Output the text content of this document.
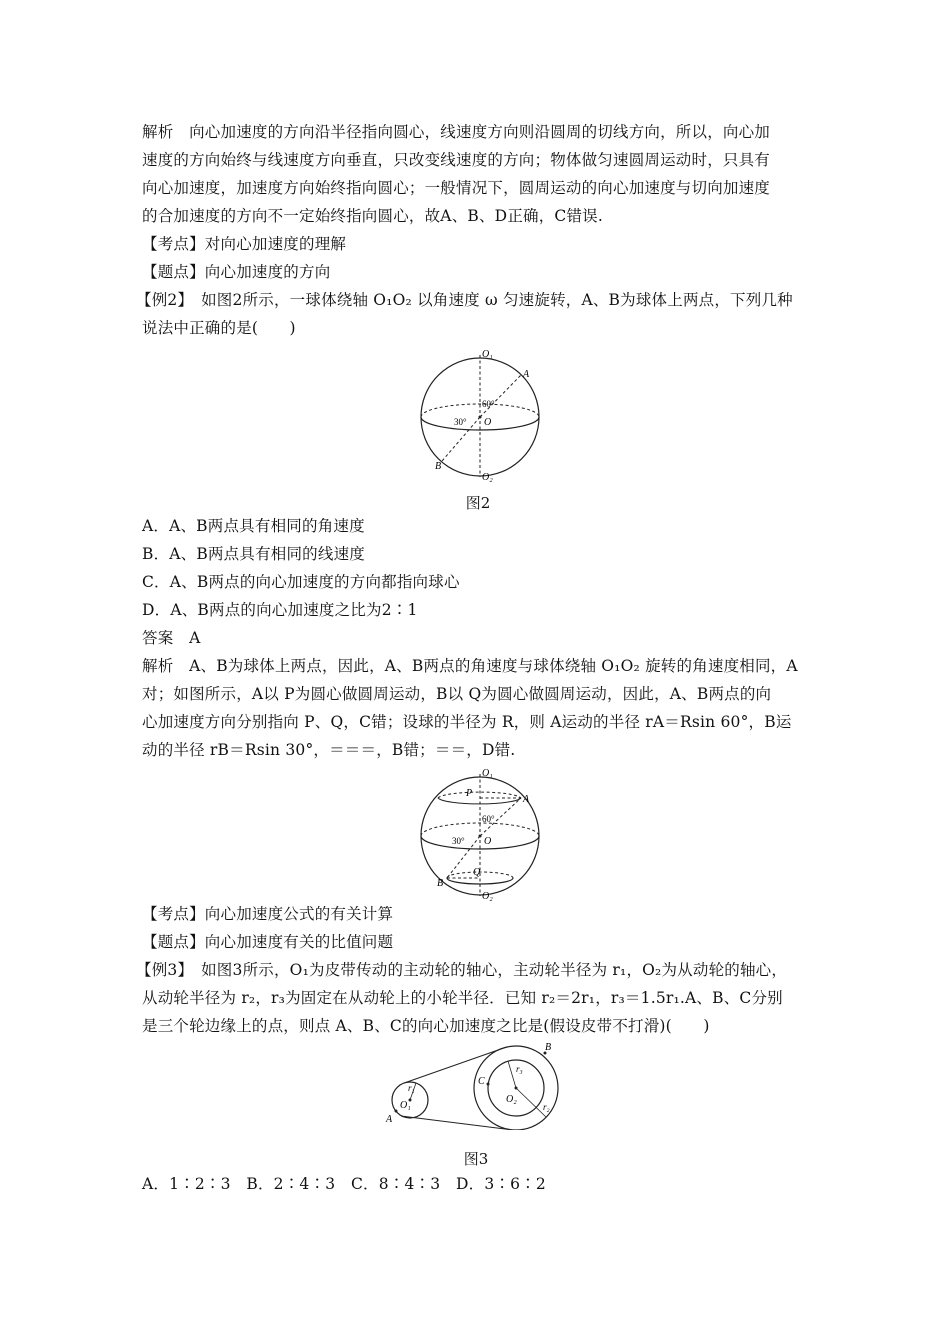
解析　向心加速度的方向沿半径指向圆心，线速度方向则沿圆周的切线方向，所以，向心加
速度的方向始终与线速度方向垂直，只改变线速度的方向；物体做匀速圆周运动时，只具有
向心加速度，加速度方向始终指向圆心；一般情况下，圆周运动的向心加速度与切向加速度
的合加速度的方向不一定始终指向圆心，故A、B、D正确，C错误.
【考点】对向心加速度的理解
【题点】向心加速度的方向
【例2】　如图2所示，一球体绕轴 O₁O₂ 以角速度 ω 匀速旋转，A、B为球体上两点，下列几种
说法中正确的是(　　)
O₁
O₂
O
A
B
60°
30°
图2
A．A、B两点具有相同的角速度
B．A、B两点具有相同的线速度
C．A、B两点的向心加速度的方向都指向球心
D．A、B两点的向心加速度之比为2∶1
答案　A
解析　A、B为球体上两点，因此，A、B两点的角速度与球体绕轴 O₁O₂ 旋转的角速度相同，A
对；如图所示，A以 P为圆心做圆周运动，B以 Q为圆心做圆周运动，因此，A、B两点的向
心加速度方向分别指向 P、Q，C错；设球的半径为 R，则 A运动的半径 rA＝Rsin 60°，B运
动的半径 rB＝Rsin 30°，＝＝＝，B错；＝＝，D错.
O₁
O₂
O
A
B
P
Q
60°
30°
【考点】向心加速度公式的有关计算
【题点】向心加速度有关的比值问题
【例3】　如图3所示，O₁为皮带传动的主动轮的轴心，主动轮半径为 r₁，O₂为从动轮的轴心，
从动轮半径为 r₂，r₃为固定在从动轮上的小轮半径．已知 r₂＝2r₁，r₃＝1.5r₁.A、B、C分别
是三个轮边缘上的点，则点 A、B、C的向心加速度之比是(假设皮带不打滑)(　　)
A
B
C
O₁
O₂
r₁
r₃
r₂
图3
A．1∶2∶3　B．2∶4∶3　C．8∶4∶3　D．3∶6∶2
